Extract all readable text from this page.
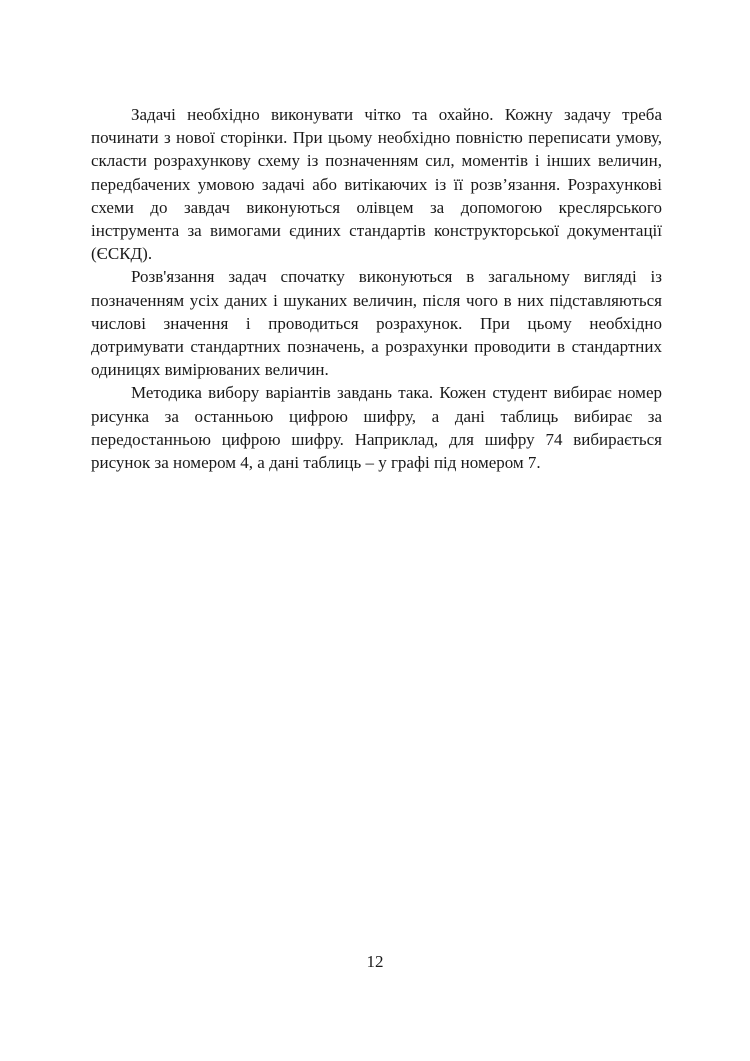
Задачі необхідно виконувати чітко та охайно. Кожну задачу треба починати з нової сторінки. При цьому необхідно повністю переписати умову, скласти розрахункову схему із позначенням сил, моментів і інших величин, передбачених умовою задачі або витікаючих із її розв’язання. Розрахункові схеми до завдач виконуються олівцем за допомогою креслярського інструмента за вимогами єдиних стандартів конструкторської документації (ЄСКД).

Розв'язання задач спочатку виконуються в загальному вигляді із позначенням усіх даних і шуканих величин, після чого в них підставляються числові значення і проводиться розрахунок. При цьому необхідно дотримувати стандартних позначень, а розрахунки проводити в стандартних одиницях вимірюваних величин.

Методика вибору варіантів завдань така. Кожен студент вибирає номер рисунка за останньою цифрою шифру, а дані таблиць вибирає за передостанньою цифрою шифру. Наприклад, для шифру 74 вибирається рисунок за номером 4, а дані таблиць – у графі під номером 7.

12
